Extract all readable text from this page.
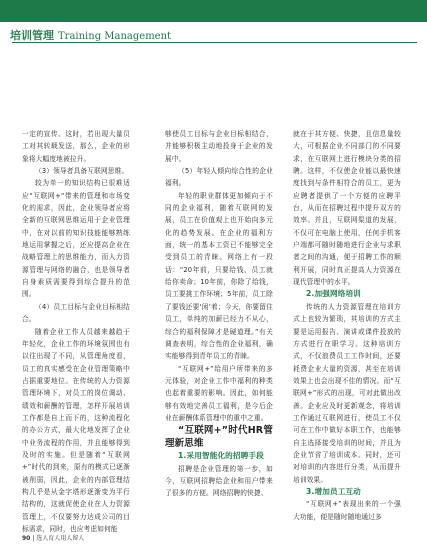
培训管理 Training Management

一定的宣传。这时，若出现大量员工对其转载发送，那么，企业的形象将大幅度地被拉升。

（3）领导者具备互联网思维。

较为单一的知识结构已很难适应“互联网+”带来的管理和市场变化的需求，因此，企业领导者应将全新的互联网思维运用于企业管理中，在对以前的知识技能能够熟练地运用掌握之后，还应提高企业在战略管理上的思维能力，而人力资源管理与网络的融合，也是领导者自身素质需要得到综合提升的范围。

（4）员工目标与企业目标相结合。

随着企业工作人员越来越趋于年轻化，企业工作的环境氛围也有以往出现了不同，从管理角度看，员工的真实感受在企业管理策略中占据重要地位。在传统的人力资源管理环境下，对员工的岗位调动、绩效和薪酬的管理，怎样开展培训工作都是自上而下的，这种流程化的办公方式，最大化地发挥了企业中业务流程的作用，并且能够得到及时的实施。但是随着“互联网+”时代的到来，原有的模式已逐渐被削弱，因此，企业的内部管理结构几乎是从金字塔形逐渐变为平行结构的，这就促使企业在人力资源管理上，不仅要努力达成公司的目标需求，同时，也应考虑如何能

够使员工目标与企业目标相结合，并能够积极主动地投身于企业的发展中。

（5）年轻人倾向综合性的企业福利。

年轻的职业群体更加倾向于不同的企业福利，随着互联网的发展，员工在价值观上也开始向多元化的趋势发展。在企业的福利方面，统一的基本工资已不能够完全受到员工的青睐。网络上有一段话：“20年前，只要给钱，员工就给你卖命；10年前，你除了给钱，员工要挑工作环境；5年前，员工除了要钱还要‘闲’着；今天，你要留住员工，单纯的加薪已经力不从心，综合的福利保障才是硬道理。”有关调查表明，综合性的企业福利，确实能够得到青年员工的青睐。

“互联网+”给用户所带来的多元体验，对企业工作中福利的种类也起着重要的影响。因此，如何能够有效地完善员工福利，是今后企业在薪酬体系管理中的重中之重。

“互联网+”时代HR管理新思维

1.采用智能化的招聘手段

招聘是企业管理的第一步，如今，互联网招聘给企业和用户带来了很多的方便。网络招聘的快捷、

就在于其方便、快捷，且信息量较大，可根据企业不同部门的不同要求，在互联网上进行模块分类的招聘。这样，不仅使企业能以最快速度找到与条件相符合的员工，更为应聘者提供了一个方便的应聘平台，从而在招聘过程中提升双方的效率。并且，互联网渠道的发展，不仅可在电脑上使用，任何手机客户端都可随时随地进行企业与求职者之间的沟通，便于招聘工作的顺利开展，同时真正提高人力资源在现代管理中的水平。

2.加强网络培训

传统的人力资源管理在培训方式上也较为繁琐，其培训的方式主要是运用报告、演讲或课件投放的方式进行在职学习。这种培训方式，不仅浪费员工工作时间，还要耗费企业大量的资源，甚至在培训效果上也会出现不佳的情况。而“互联网+”形式的出现，可对此做出改善。企业应及时更新观念，将培训工作通过互联网进行，使员工不仅可在工作中做好本职工作，也能够自主选择接受培训的时间，并且为企业节省了培训成本。同时，还可对培训的内容进行分类，从而提升培训效果。

3.增加员工互动

“互联网+”表现出来的一个强大功能，便是随时随地通过多

90 | 选人育人用人留人
